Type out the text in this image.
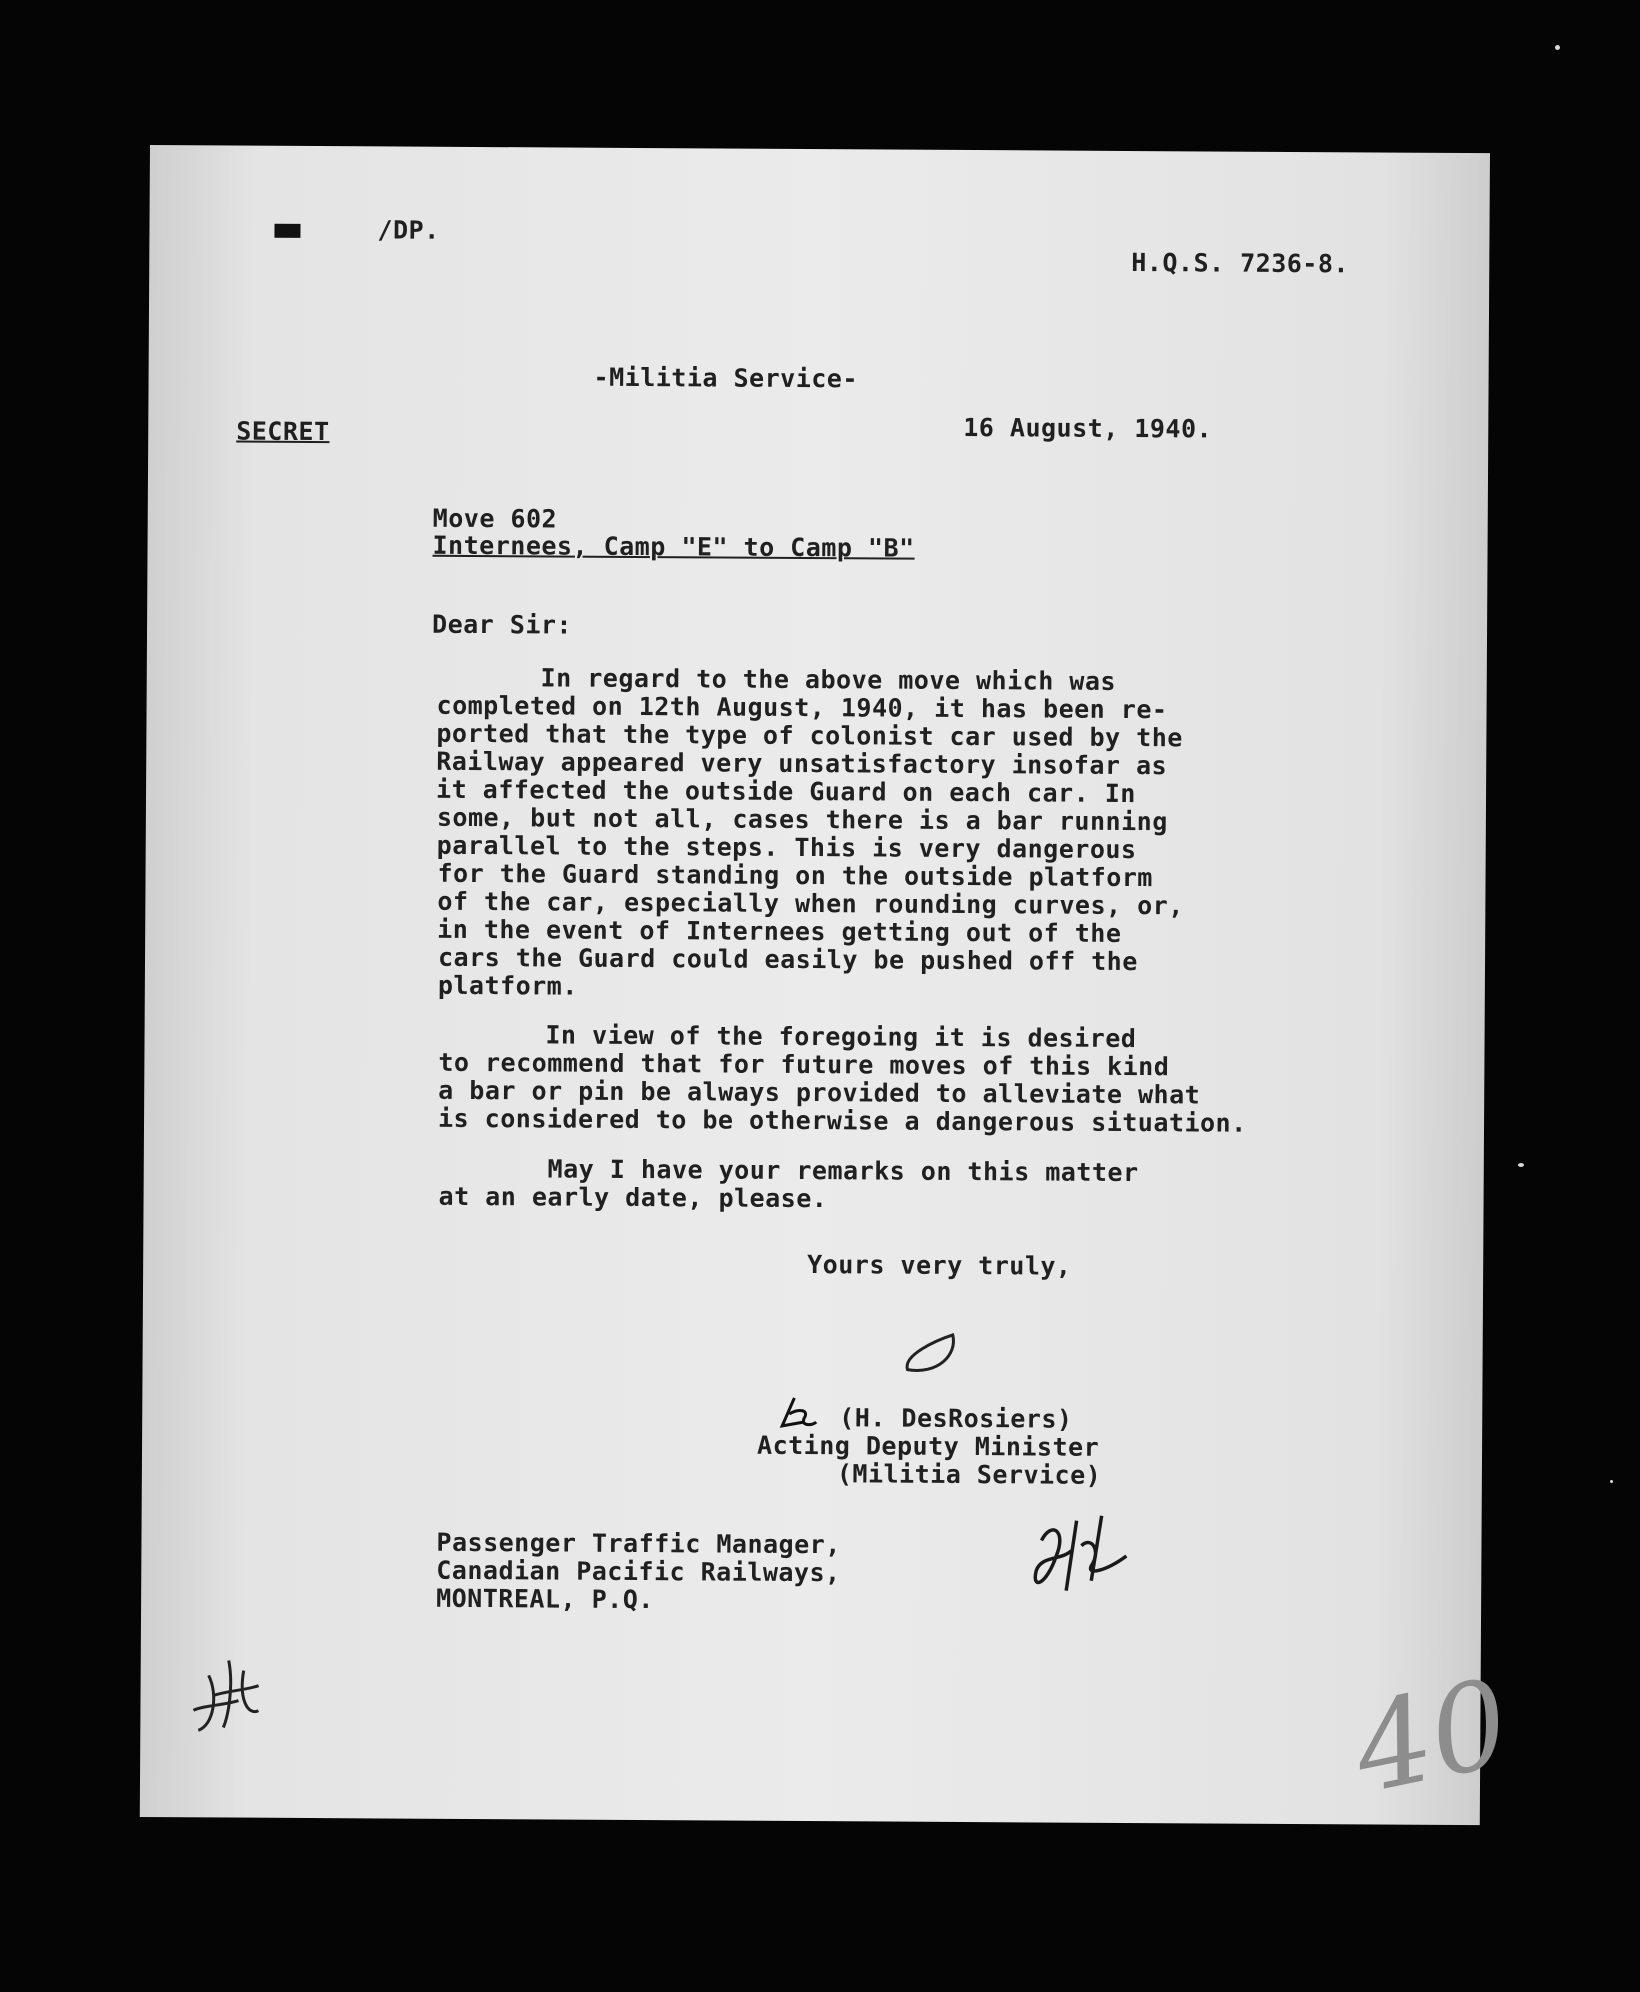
/DP.
H.Q.S. 7236-8.
-Militia Service-
SECRET	16 August, 1940.
Move 602
Internees, Camp "E" to Camp "B"
Dear Sir:
In regard to the above move which was
completed on 12th August, 1940, it has been re-
ported that the type of colonist car used by the
Railway appeared very unsatisfactory insofar as
it affected the outside Guard on each car. In
some, but not all, cases there is a bar running
parallel to the steps. This is very dangerous
for the Guard standing on the outside platform
of the car, especially when rounding curves, or,
in the event of Internees getting out of the
cars the Guard could easily be pushed off the
platform.
In view of the foregoing it is desired
to recommend that for future moves of this kind
a bar or pin be always provided to alleviate what
is considered to be otherwise a dangerous situation.
May I have your remarks on this matter
at an early date, please.
Yours very truly,
(H. DesRosiers)
Acting Deputy Minister
(Militia Service)
Passenger Traffic Manager,
Canadian Pacific Railways,
MONTREAL, P.Q.
40
